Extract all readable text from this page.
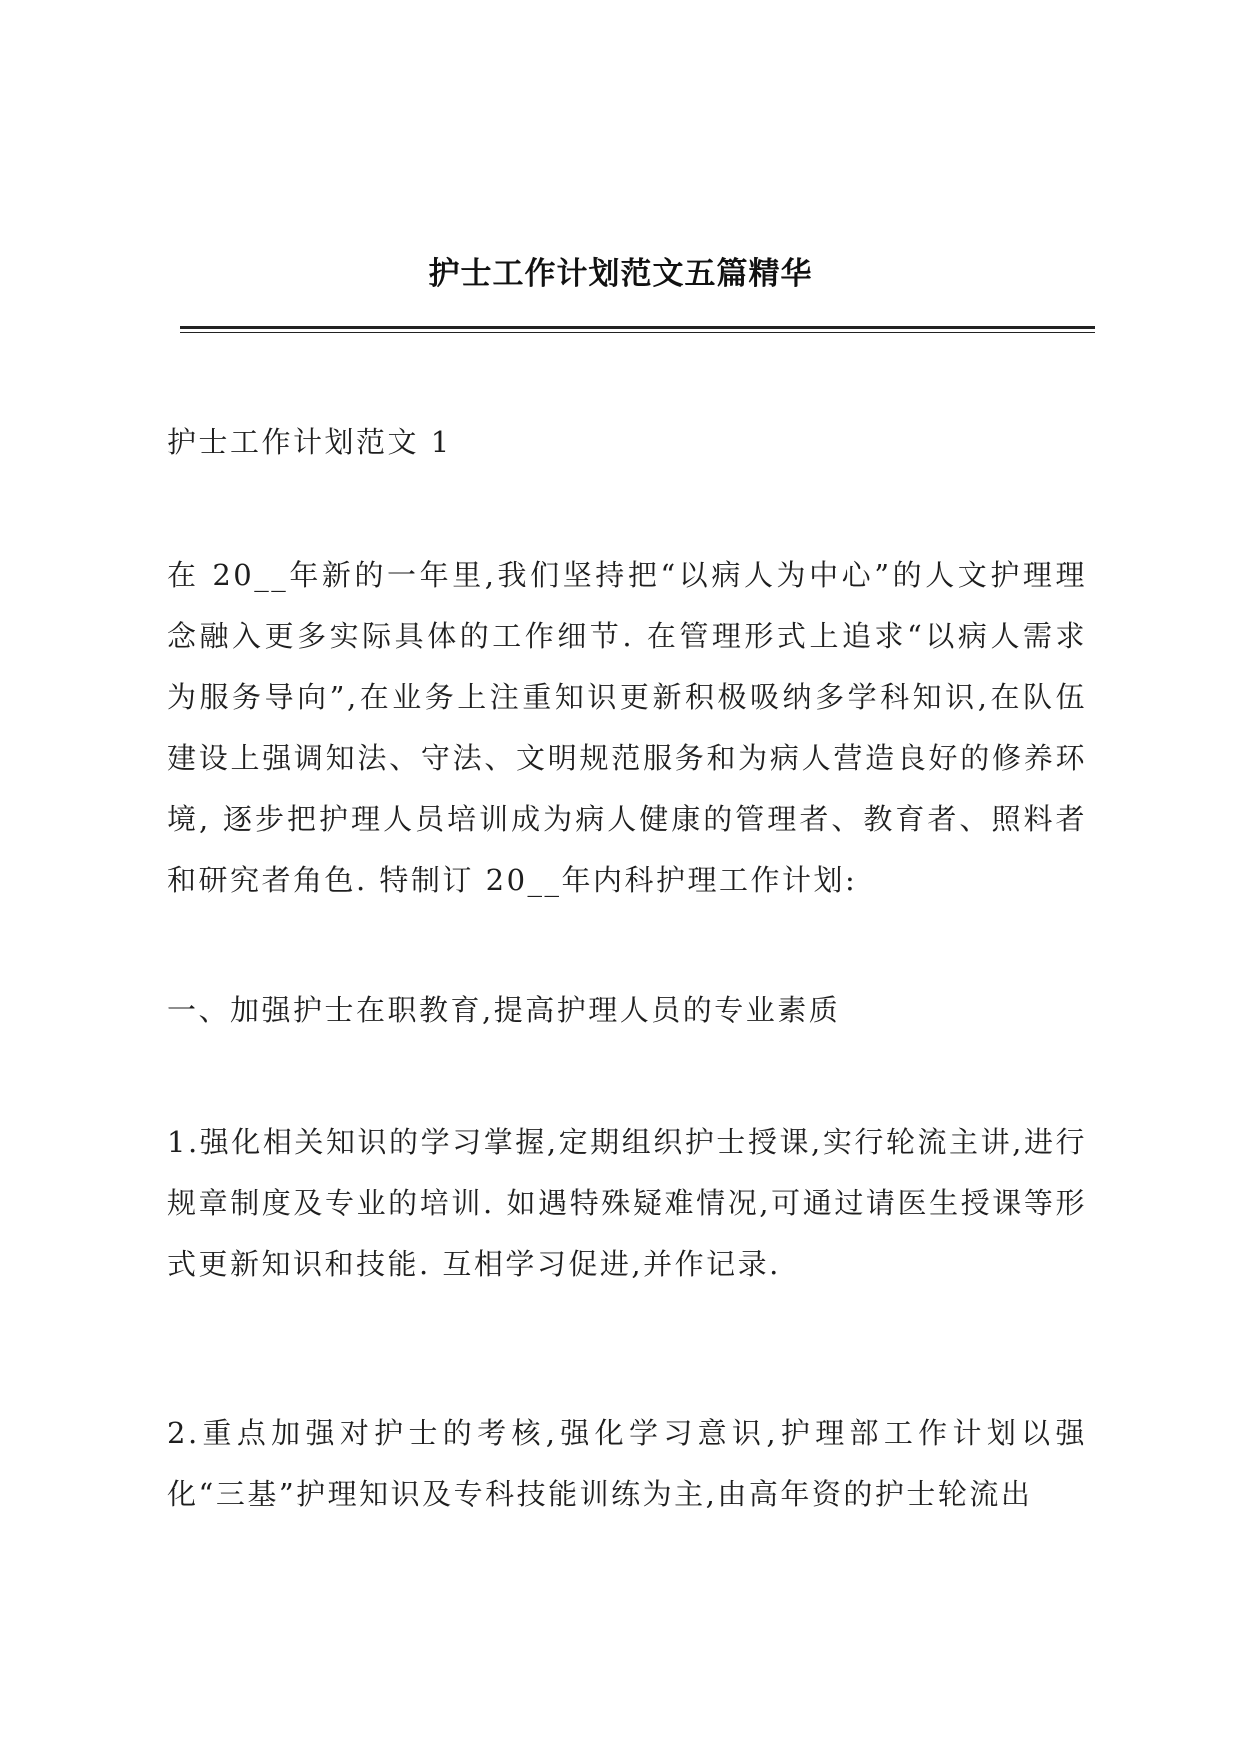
护士工作计划范文五篇精华

护士工作计划范文 1

在 20__年新的一年里,我们坚持把“以病人为中心”的人文护理理念融入更多实际具体的工作细节. 在管理形式上追求“以病人需求为服务导向”,在业务上注重知识更新积极吸纳多学科知识,在队伍建设上强调知法、守法、文明规范服务和为病人营造良好的修养环境, 逐步把护理人员培训成为病人健康的管理者、教育者、照料者和研究者角色. 特制订 20__年内科护理工作计划:

一、加强护士在职教育,提高护理人员的专业素质

1.强化相关知识的学习掌握,定期组织护士授课,实行轮流主讲,进行规章制度及专业的培训. 如遇特殊疑难情况,可通过请医生授课等形式更新知识和技能. 互相学习促进,并作记录.

2.重点加强对护士的考核,强化学习意识,护理部工作计划以强化“三基”护理知识及专科技能训练为主,由高年资的护士轮流出
